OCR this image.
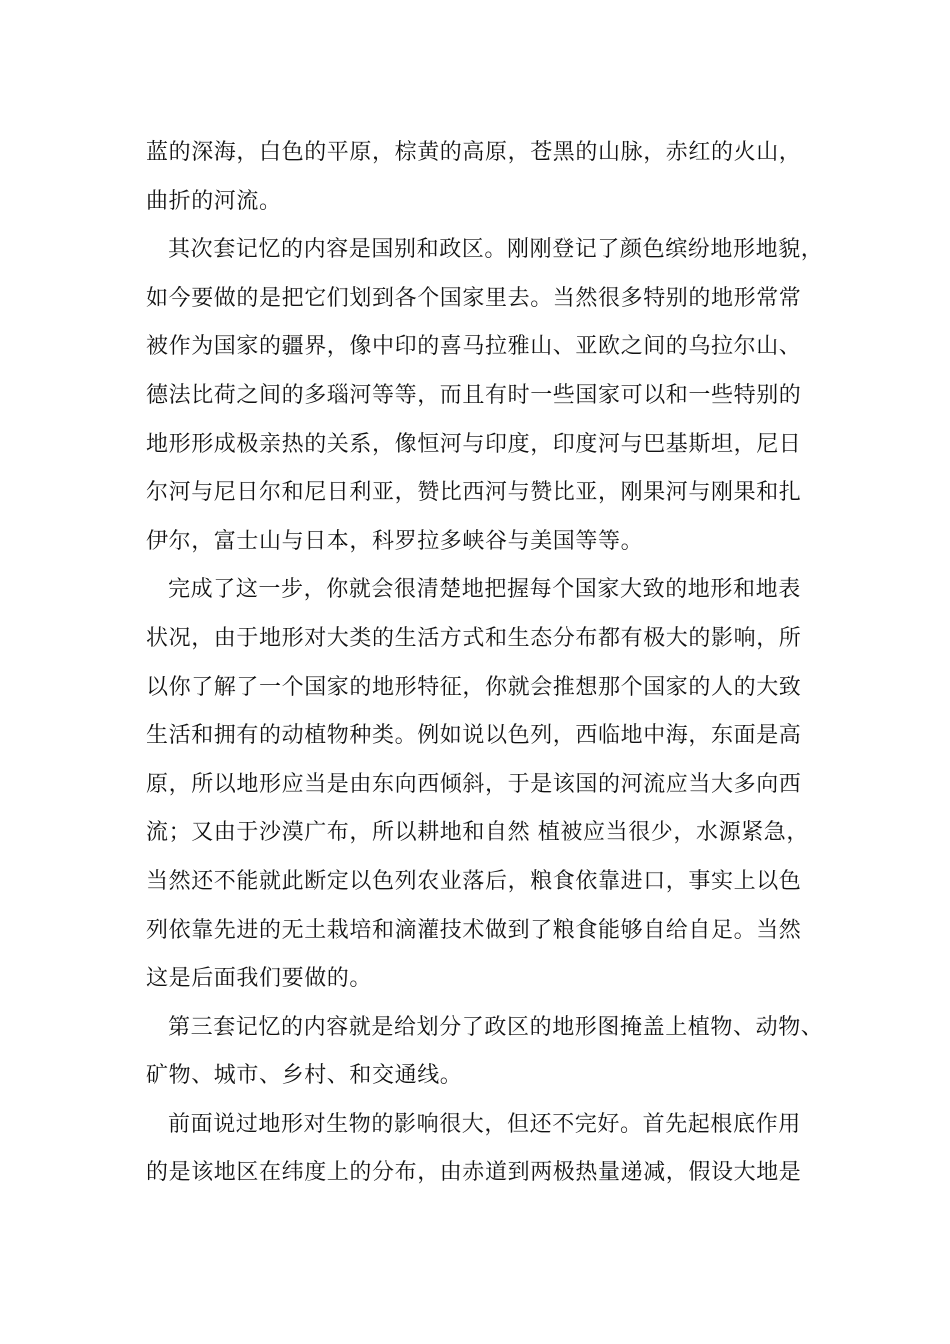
蓝的深海，白色的平原，棕黄的高原，苍黑的山脉，赤红的火山，
曲折的河流。
其次套记忆的内容是国别和政区。刚刚登记了颜色缤纷地形地貌，
如今要做的是把它们划到各个国家里去。当然很多特别的地形常常
被作为国家的疆界，像中印的喜马拉雅山、亚欧之间的乌拉尔山、
德法比荷之间的多瑙河等等，而且有时一些国家可以和一些特别的
地形形成极亲热的关系，像恒河与印度，印度河与巴基斯坦，尼日
尔河与尼日尔和尼日利亚，赞比西河与赞比亚，刚果河与刚果和扎
伊尔，富士山与日本，科罗拉多峡谷与美国等等。
完成了这一步，你就会很清楚地把握每个国家大致的地形和地表
状况，由于地形对大类的生活方式和生态分布都有极大的影响，所
以你了解了一个国家的地形特征，你就会推想那个国家的人的大致
生活和拥有的动植物种类。例如说以色列，西临地中海，东面是高
原，所以地形应当是由东向西倾斜，于是该国的河流应当大多向西
流；又由于沙漠广布，所以耕地和自然 植被应当很少，水源紧急，
当然还不能就此断定以色列农业落后，粮食依靠进口，事实上以色
列依靠先进的无土栽培和滴灌技术做到了粮食能够自给自足。当然
这是后面我们要做的。
第三套记忆的内容就是给划分了政区的地形图掩盖上植物、动物、
矿物、城市、乡村、和交通线。
前面说过地形对生物的影响很大，但还不完好。首先起根底作用
的是该地区在纬度上的分布，由赤道到两极热量递减，假设大地是
